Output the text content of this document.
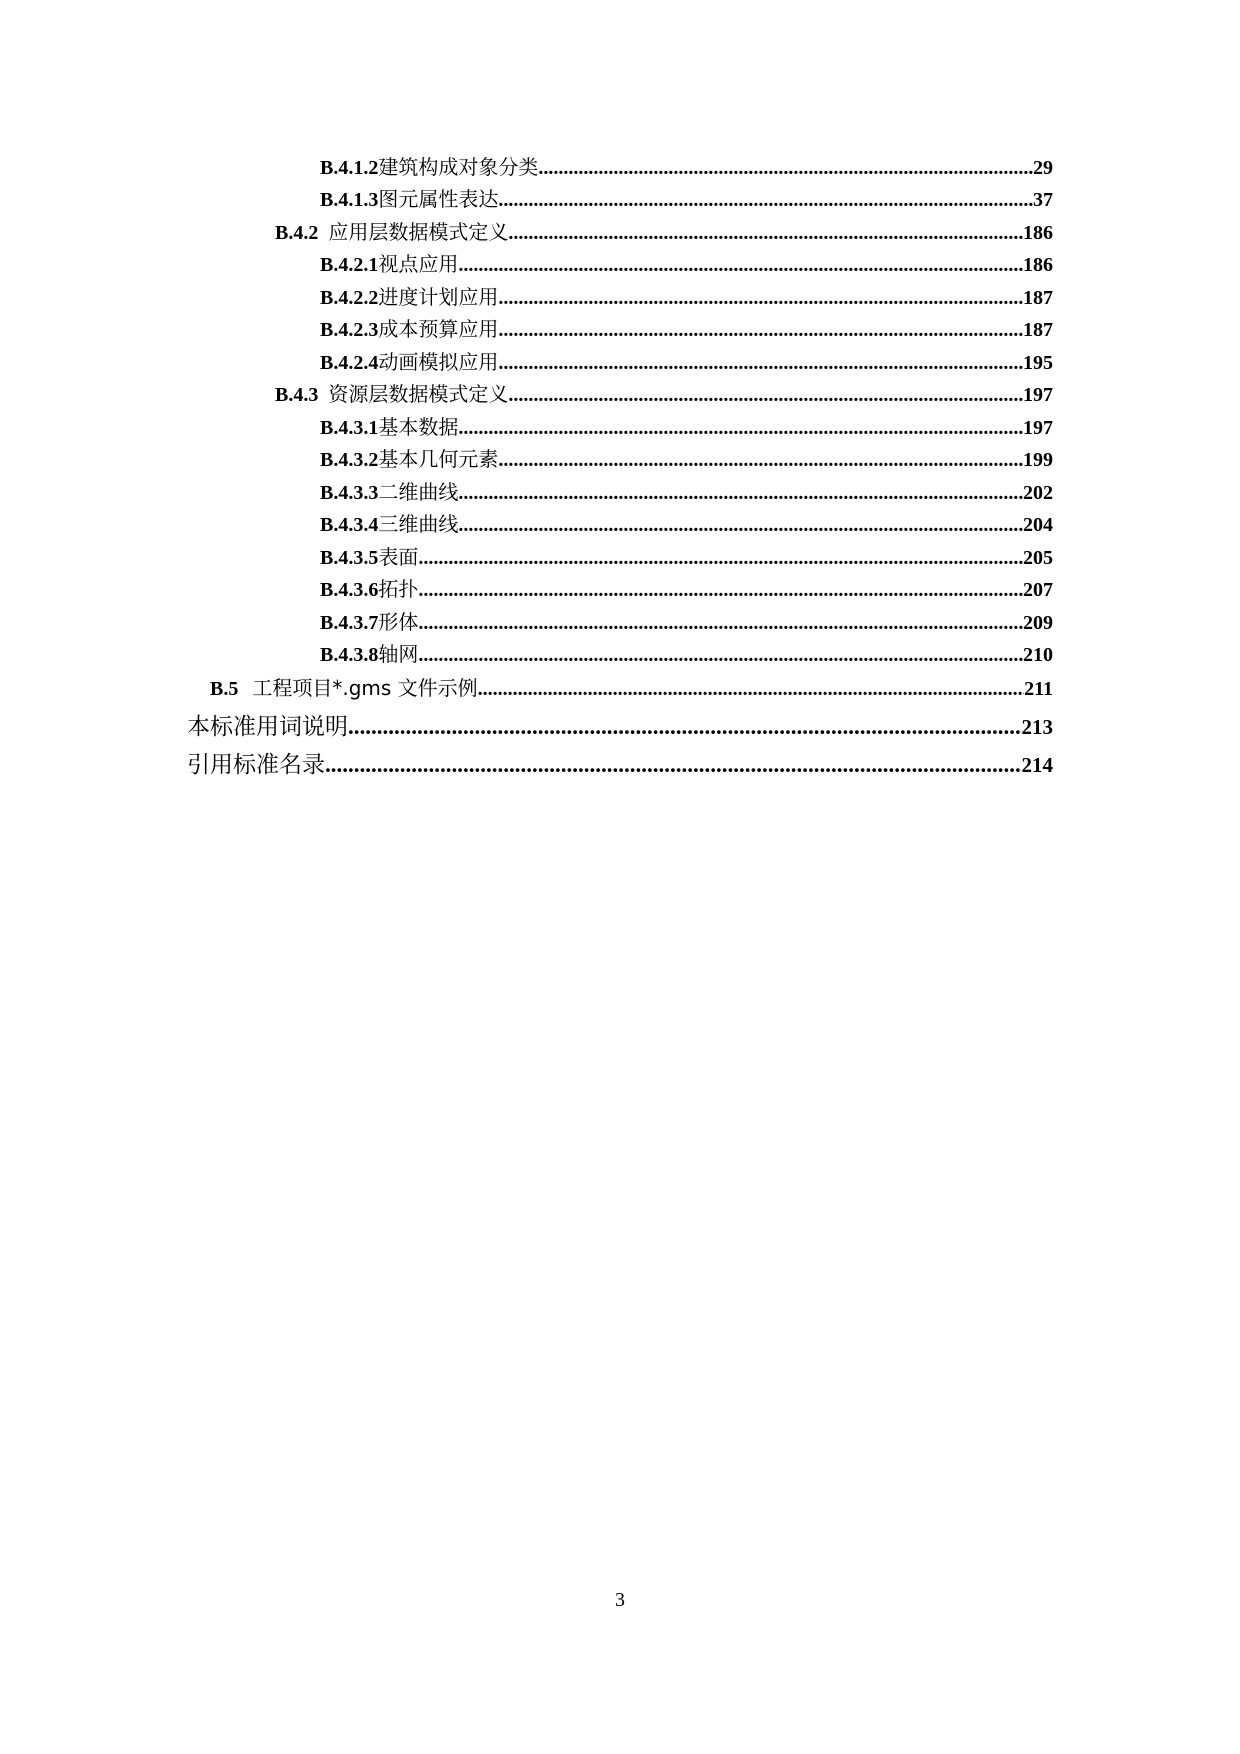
B.4.1.2 建筑构成对象分类 .....	29
B.4.1.3 图元属性表达 .....	37
B.4.2 应用层数据模式定义 .....	186
B.4.2.1 视点应用 .....	186
B.4.2.2 进度计划应用 .....	187
B.4.2.3 成本预算应用 .....	187
B.4.2.4 动画模拟应用 .....	195
B.4.3 资源层数据模式定义 .....	197
B.4.3.1 基本数据 .....	197
B.4.3.2 基本几何元素 .....	199
B.4.3.3 二维曲线 .....	202
B.4.3.4 三维曲线 .....	204
B.4.3.5 表面 .....	205
B.4.3.6 拓扑 .....	207
B.4.3.7 形体 .....	209
B.4.3.8 轴网 .....	210
B.5 工程项目*.gms 文件示例 .....	211
本标准用词说明 .....	213
引用标准名录 .....	214
3
